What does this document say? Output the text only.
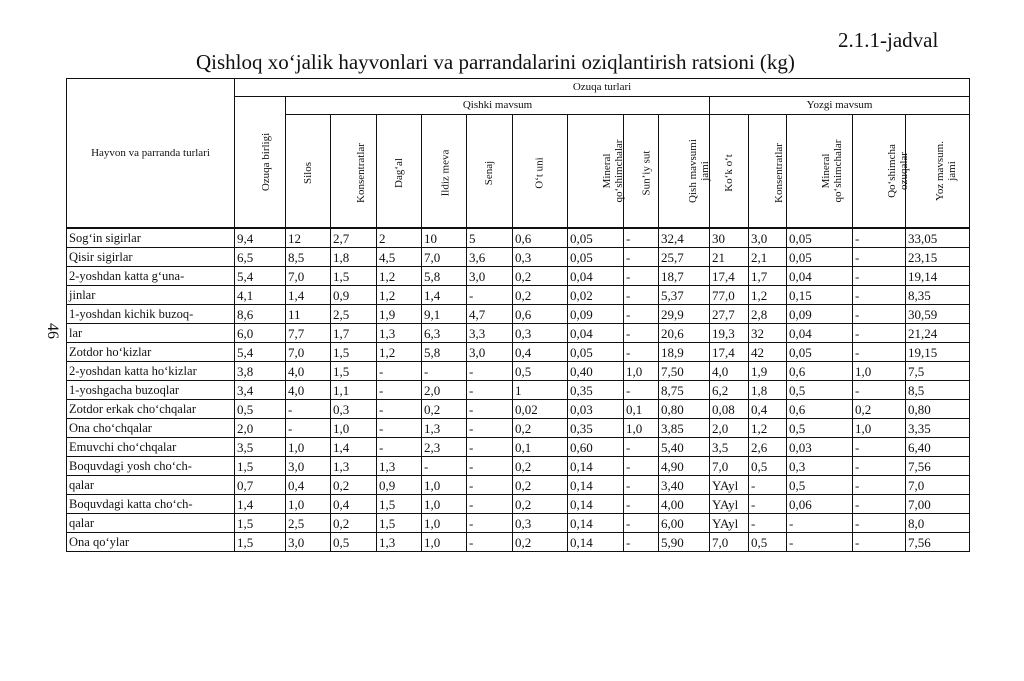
2.1.1-jadval
Qishloq xo‘jalik hayvonlari va parrandalarini oziqlantirish ratsioni (kg)
46
Hayvon va parranda turlari	Ozuqa turlari														
	Ozuqa birligi	Qishki mavsum									Yozgi mavsum				
		Silos	Konsentratlar	Dag‘al	Ildiz meva	Senaj	O‘t uni	Mineral qo‘shimchalar	Sun’iy sut	Qish mavsumi jami	Ko‘k o‘t	Konsentratlar	Mineral qo‘shimchalar	Qo‘shimcha ozuqalar	Yoz mavsum. jami
Sog‘in sigirlar	9,4	12	2,7	2	10	5	0,6	0,05	-	32,4	30	3,0	0,05	-	33,05
Qisir sigirlar	6,5	8,5	1,8	4,5	7,0	3,6	0,3	0,05	-	25,7	21	2,1	0,05	-	23,15
2-yoshdan katta g‘una-	5,4	7,0	1,5	1,2	5,8	3,0	0,2	0,04	-	18,7	17,4	1,7	0,04	-	19,14
jinlar	4,1	1,4	0,9	1,2	1,4	-	0,2	0,02	-	5,37	77,0	1,2	0,15	-	8,35
1-yoshdan kichik buzoq-	8,6	11	2,5	1,9	9,1	4,7	0,6	0,09	-	29,9	27,7	2,8	0,09	-	30,59
lar	6,0	7,7	1,7	1,3	6,3	3,3	0,3	0,04	-	20,6	19,3	32	0,04	-	21,24
Zotdor ho‘kizlar	5,4	7,0	1,5	1,2	5,8	3,0	0,4	0,05	-	18,9	17,4	42	0,05	-	19,15
2-yoshdan katta ho‘kizlar	3,8	4,0	1,5	-	-	-	0,5	0,40	1,0	7,50	4,0	1,9	0,6	1,0	7,5
1-yoshgacha buzoqlar	3,4	4,0	1,1	-	2,0	-	1	0,35	-	8,75	6,2	1,8	0,5	-	8,5
Zotdor erkak cho‘chqalar	0,5	-	0,3	-	0,2	-	0,02	0,03	0,1	0,80	0,08	0,4	0,6	0,2	0,80
Ona cho‘chqalar	2,0	-	1,0	-	1,3	-	0,2	0,35	1,0	3,85	2,0	1,2	0,5	1,0	3,35
Emuvchi cho‘chqalar	3,5	1,0	1,4	-	2,3	-	0,1	0,60	-	5,40	3,5	2,6	0,03	-	6,40
Boquvdagi yosh cho‘ch-	1,5	3,0	1,3	1,3	-	-	0,2	0,14	-	4,90	7,0	0,5	0,3	-	7,56
qalar	0,7	0,4	0,2	0,9	1,0	-	0,2	0,14	-	3,40	YAyl	-	0,5	-	7,0
Boquvdagi katta cho‘ch-	1,4	1,0	0,4	1,5	1,0	-	0,2	0,14	-	4,00	YAyl	-	0,06	-	7,00
qalar	1,5	2,5	0,2	1,5	1,0	-	0,3	0,14	-	6,00	YAyl	-	-	-	8,0
Ona qo‘ylar	1,5	3,0	0,5	1,3	1,0	-	0,2	0,14	-	5,90	7,0	0,5	-	-	7,56
